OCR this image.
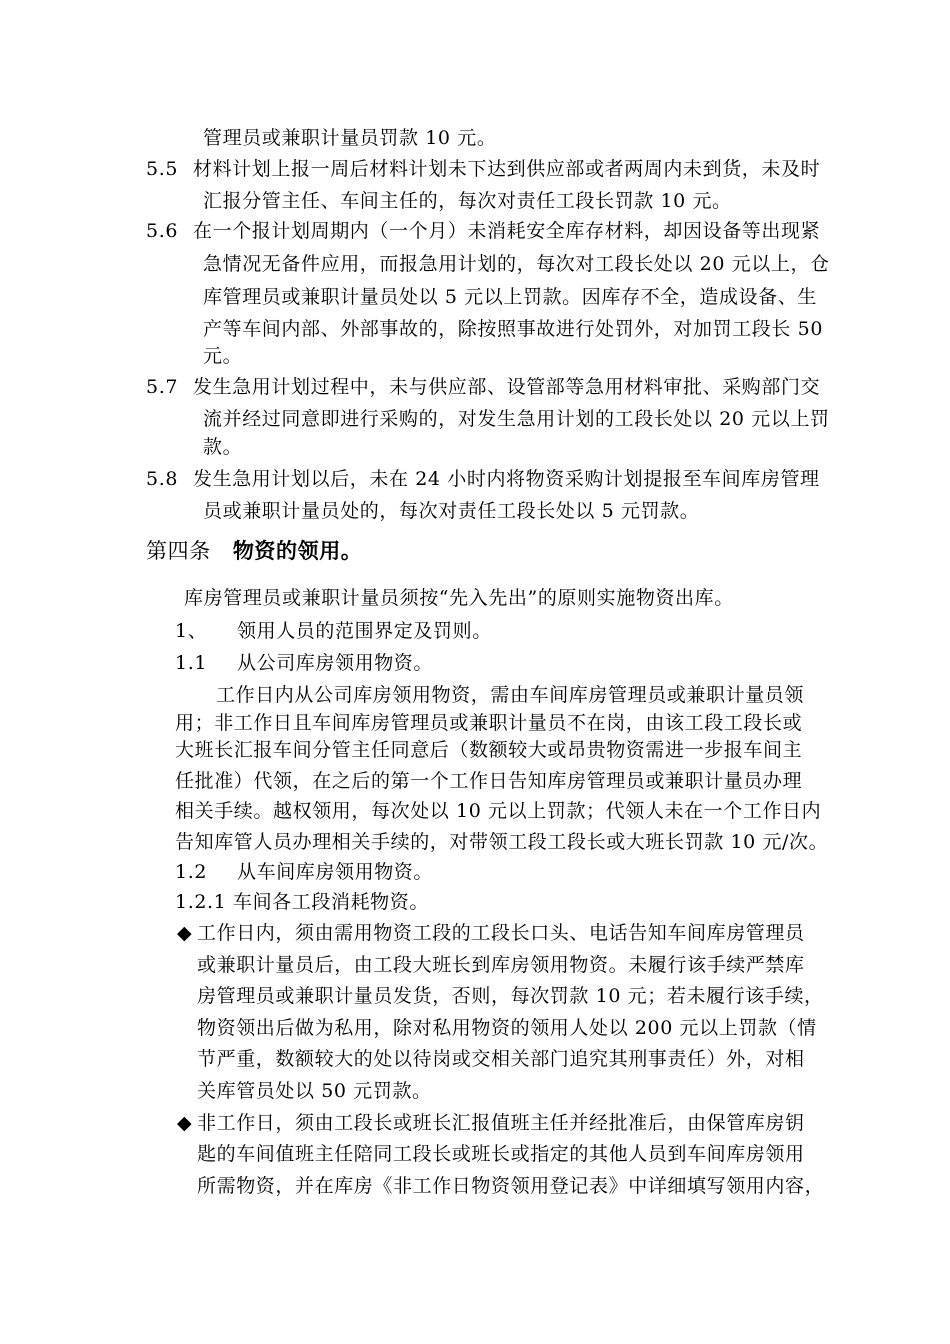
管理员或兼职计量员罚款 10 元。
5.5 材料计划上报一周后材料计划未下达到供应部或者两周内未到货，未及时
汇报分管主任、车间主任的，每次对责任工段长罚款 10 元。
5.6 在一个报计划周期内（一个月）未消耗安全库存材料，却因设备等出现紧
急情况无备件应用，而报急用计划的，每次对工段长处以 20 元以上，仓
库管理员或兼职计量员处以 5 元以上罚款。因库存不全，造成设备、生
产等车间内部、外部事故的，除按照事故进行处罚外，对加罚工段长 50
元。
5.7 发生急用计划过程中，未与供应部、设管部等急用材料审批、采购部门交
流并经过同意即进行采购的，对发生急用计划的工段长处以 20 元以上罚
款。
5.8 发生急用计划以后，未在 24 小时内将物资采购计划提报至车间库房管理
员或兼职计量员处的，每次对责任工段长处以 5 元罚款。
第四条 物资的领用。
库房管理员或兼职计量员须按“先入先出”的原则实施物资出库。
1、 领用人员的范围界定及罚则。
1.1 从公司库房领用物资。
工作日内从公司库房领用物资，需由车间库房管理员或兼职计量员领
用；非工作日且车间库房管理员或兼职计量员不在岗，由该工段工段长或
大班长汇报车间分管主任同意后（数额较大或昂贵物资需进一步报车间主
任批准）代领，在之后的第一个工作日告知库房管理员或兼职计量员办理
相关手续。越权领用，每次处以 10 元以上罚款；代领人未在一个工作日内
告知库管人员办理相关手续的，对带领工段工段长或大班长罚款 10 元/次。
1.2 从车间库房领用物资。
1.2.1 车间各工段消耗物资。
◆ 工作日内，须由需用物资工段的工段长口头、电话告知车间库房管理员
或兼职计量员后，由工段大班长到库房领用物资。未履行该手续严禁库
房管理员或兼职计量员发货，否则，每次罚款 10 元；若未履行该手续，
物资领出后做为私用，除对私用物资的领用人处以 200 元以上罚款（情
节严重，数额较大的处以待岗或交相关部门追究其刑事责任）外，对相
关库管员处以 50 元罚款。
◆ 非工作日，须由工段长或班长汇报值班主任并经批准后，由保管库房钥
匙的车间值班主任陪同工段长或班长或指定的其他人员到车间库房领用
所需物资，并在库房《非工作日物资领用登记表》中详细填写领用内容，
